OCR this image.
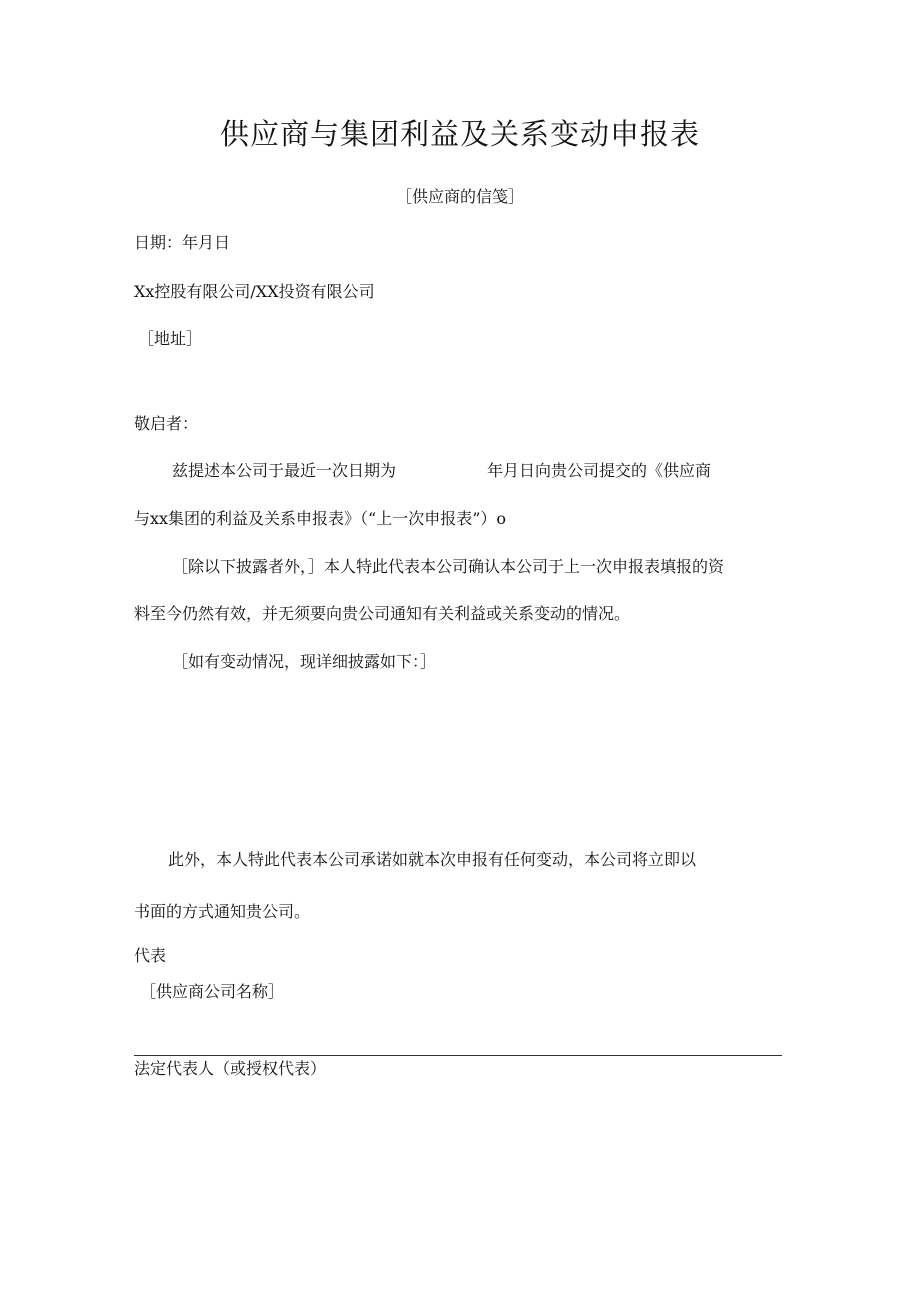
供应商与集团利益及关系变动申报表
［供应商的信笺］
日期：年月日
Xx控股有限公司/XX投资有限公司
［地址］
敬启者：
兹提述本公司于最近一次日期为	年月日向贵公司提交的《供应商
与xx集团的利益及关系申报表》（“上一次申报表”）o
［除以下披露者外，］本人特此代表本公司确认本公司于上一次申报表填报的资
料至今仍然有效，并无须要向贵公司通知有关利益或关系变动的情况。
［如有变动情况，现详细披露如下：］
此外，本人特此代表本公司承诺如就本次申报有任何变动，本公司将立即以
书面的方式通知贵公司。
代表
［供应商公司名称］
法定代表人（或授权代表）
